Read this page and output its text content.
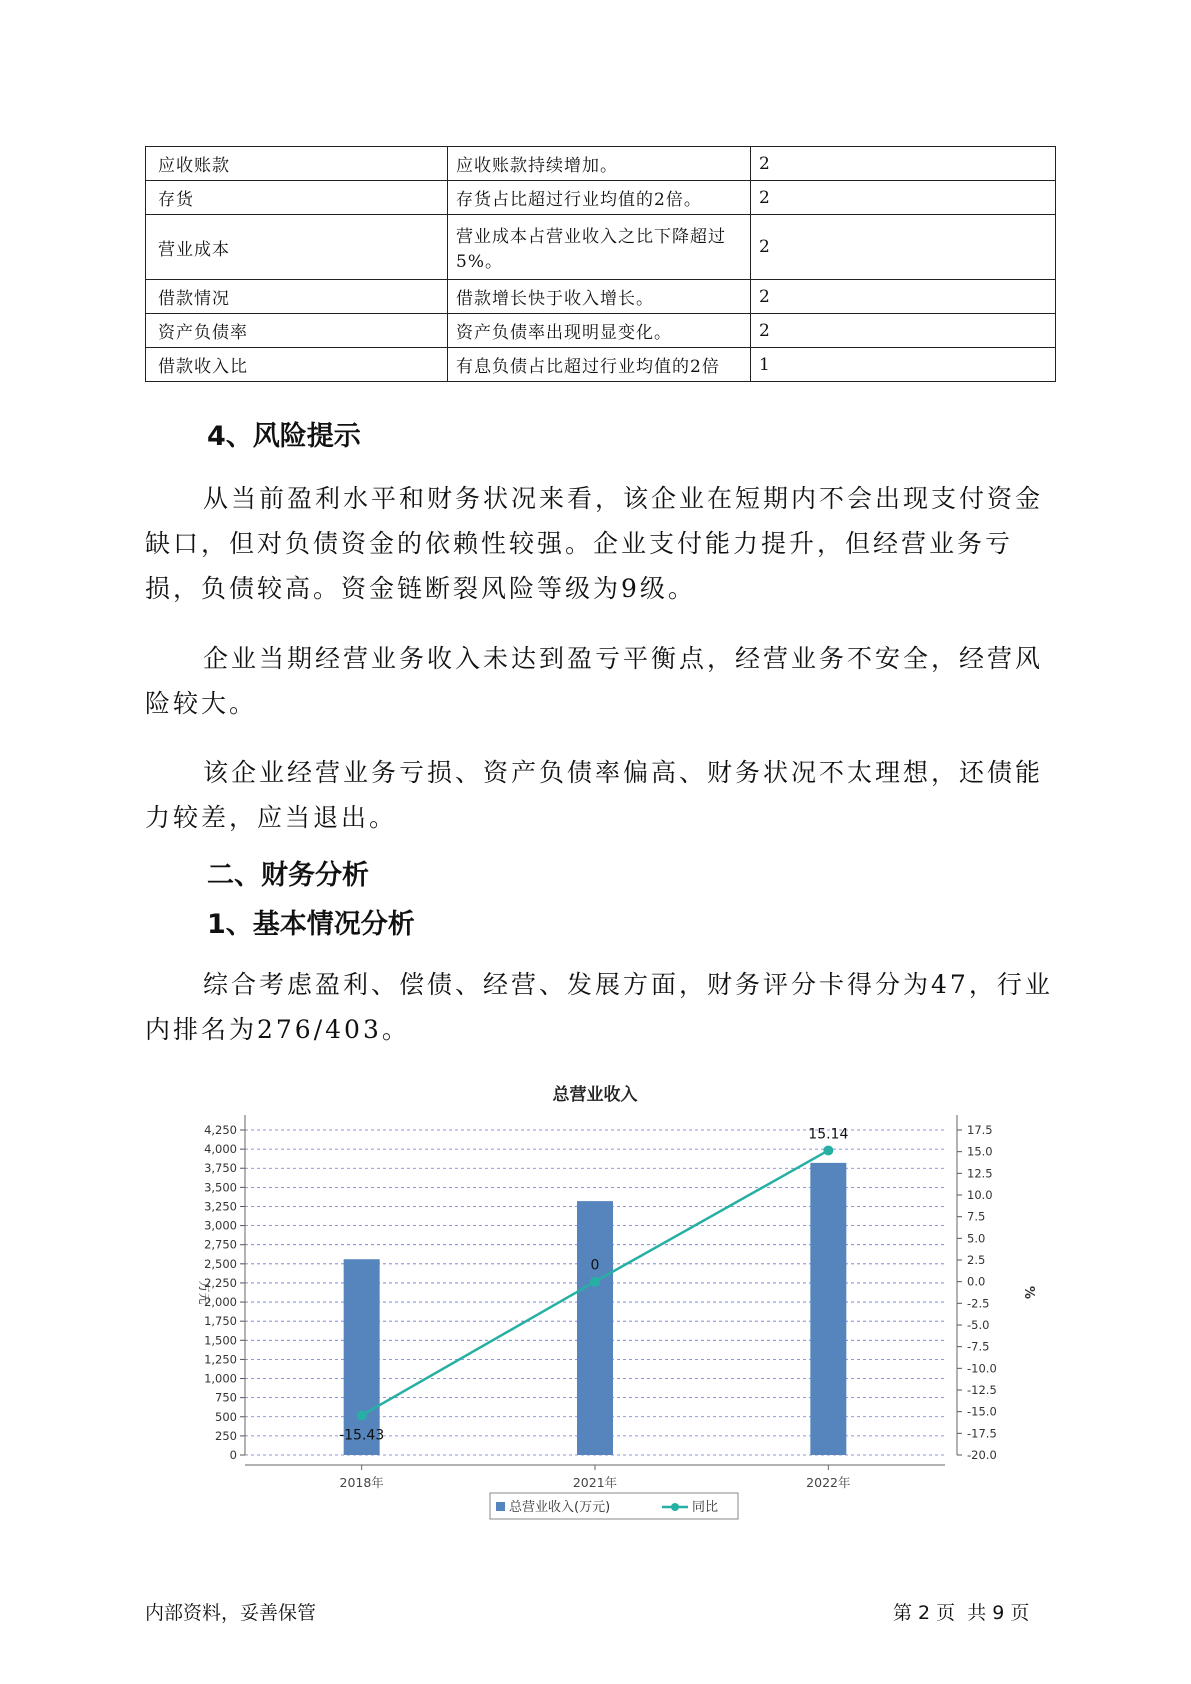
应收账款	应收账款持续增加。	2
存货	存货占比超过行业均值的2倍。	2
营业成本	营业成本占营业收入之比下降超过5%。	2
借款情况	借款增长快于收入增长。	2
资产负债率	资产负债率出现明显变化。	2
借款收入比	有息负债占比超过行业均值的2倍	1
4、风险提示

从当前盈利水平和财务状况来看，该企业在短期内不会出现支付资金缺口，但对负债资金的依赖性较强。企业支付能力提升，但经营业务亏损，负债较高。资金链断裂风险等级为9级。

企业当期经营业务收入未达到盈亏平衡点，经营业务不安全，经营风险较大。

该企业经营业务亏损、资产负债率偏高、财务状况不太理想，还债能力较差，应当退出。

二、财务分析
1、基本情况分析

综合考虑盈利、偿债、经营、发展方面，财务评分卡得分为47，行业内排名为276/403。

总营业收入
0
250
500
750
1,000
1,250
1,500
1,750
2,000
2,250
2,500
2,750
3,000
3,250
3,500
3,750
4,000
4,250
-20.0
-17.5
-15.0
-12.5
-10.0
-7.5
-5.0
-2.5
0.0
2.5
5.0
7.5
10.0
12.5
15.0
17.5
万元	%
2018年	2021年	2022年
-15.43
0
15.14
总营业收入(万元)	同比
内部资料，妥善保管	第 2 页  共 9 页
